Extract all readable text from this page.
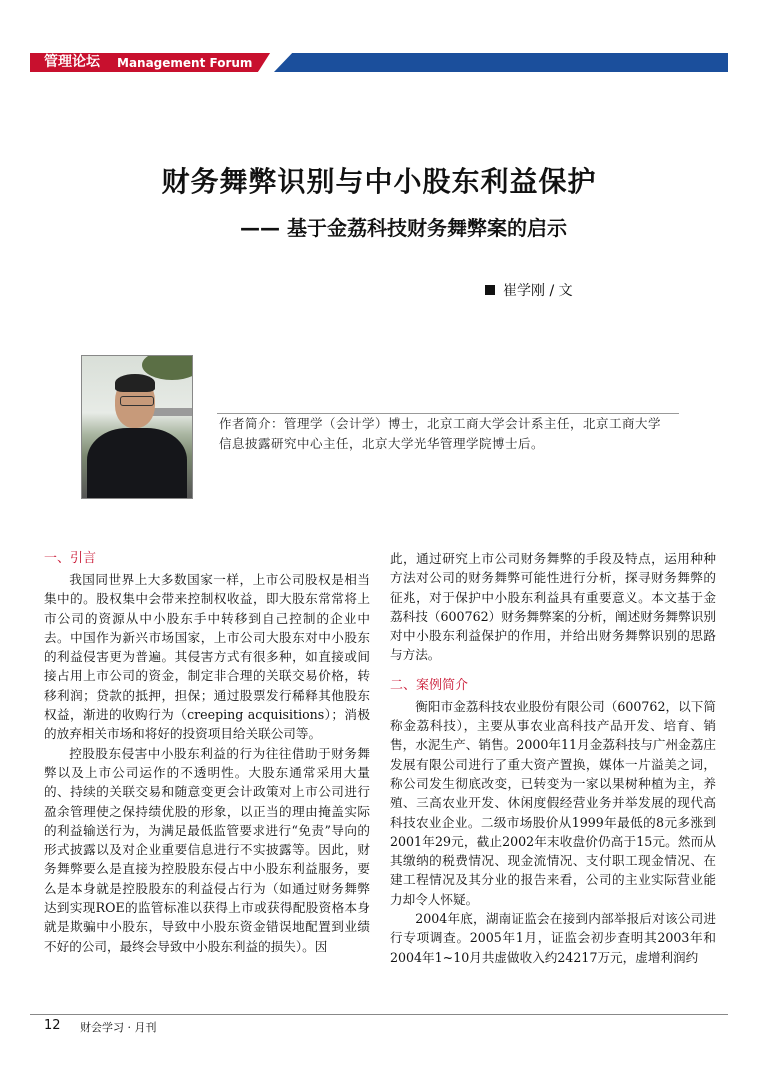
管理论坛 Management Forum
财务舞弊识别与中小股东利益保护
—— 基于金荔科技财务舞弊案的启示
崔学刚 / 文
作者简介：管理学（会计学）博士，北京工商大学会计系主任，北京工商大学
信息披露研究中心主任，北京大学光华管理学院博士后。
一、引言

我国同世界上大多数国家一样，上市公司股权是相当集中的。股权集中会带来控制权收益，即大股东常常将上市公司的资源从中小股东手中转移到自己控制的企业中去。中国作为新兴市场国家，上市公司大股东对中小股东的利益侵害更为普遍。其侵害方式有很多种，如直接或间接占用上市公司的资金，制定非合理的关联交易价格，转移利润；贷款的抵押，担保；通过股票发行稀释其他股东权益，渐进的收购行为（creeping acquisitions）；消极的放弃相关市场和将好的投资项目给关联公司等。

控股股东侵害中小股东利益的行为往往借助于财务舞弊以及上市公司运作的不透明性。大股东通常采用大量的、持续的关联交易和随意变更会计政策对上市公司进行盈余管理使之保持绩优股的形象，以正当的理由掩盖实际的利益输送行为，为满足最低监管要求进行“免责”导向的形式披露以及对企业重要信息进行不实披露等。因此，财务舞弊要么是直接为控股股东侵占中小股东利益服务，要么是本身就是控股股东的利益侵占行为（如通过财务舞弊达到实现ROE的监管标准以获得上市或获得配股资格本身就是欺骗中小股东，导致中小股东资金错误地配置到业绩不好的公司，最终会导致中小股东利益的损失）。因

此，通过研究上市公司财务舞弊的手段及特点，运用种种方法对公司的财务舞弊可能性进行分析，探寻财务舞弊的征兆，对于保护中小股东利益具有重要意义。本文基于金荔科技（600762）财务舞弊案的分析，阐述财务舞弊识别对中小股东利益保护的作用，并给出财务舞弊识别的思路与方法。

二、案例简介

衡阳市金荔科技农业股份有限公司（600762，以下简称金荔科技），主要从事农业高科技产品开发、培育、销售，水泥生产、销售。2000年11月金荔科技与广州金荔庄发展有限公司进行了重大资产置换，媒体一片溢美之词，称公司发生彻底改变，已转变为一家以果树种植为主，养殖、三高农业开发、休闲度假经营业务并举发展的现代高科技农业企业。二级市场股价从1999年最低的8元多涨到2001年29元，截止2002年末收盘价仍高于15元。然而从其缴纳的税费情况、现金流情况、支付职工现金情况、在建工程情况及其分业的报告来看，公司的主业实际营业能力却令人怀疑。

2004年底，湖南证监会在接到内部举报后对该公司进行专项调查。2005年1月，证监会初步查明其2003年和2004年1~10月共虚做收入约24217万元，虚增利润约

12 财会学习 · 月刊
